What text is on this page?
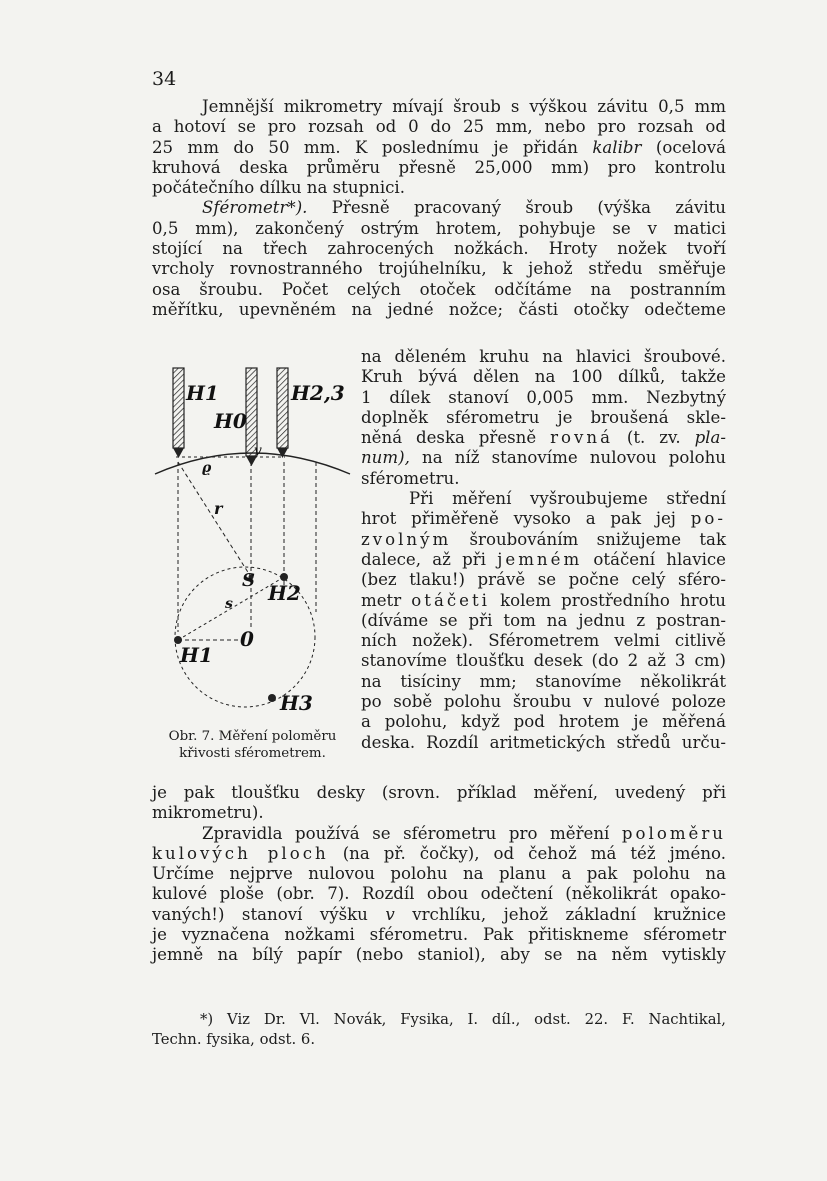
34
Jemnější mikrometry mívají šroub s výškou závitu 0,5 mm
a hotoví se pro rozsah od 0 do 25 mm, nebo pro rozsah od
25 mm do 50 mm. K poslednímu je přidán kalibr (ocelová
kruhová deska průměru přesně 25,000 mm) pro kontrolu
počátečního dílku na stupnici.
Sférometr*). Přesně pracovaný šroub (výška závitu
0,5 mm), zakončený ostrým hrotem, pohybuje se v matici
stojící na třech zahrocených nožkách. Hroty nožek tvoří
vrcholy rovnostranného trojúhelníku, k jehož středu směřuje
osa šroubu. Počet celých otoček odčítáme na postranním
měřítku, upevněném na jedné nožce; části otočky odečteme
na děleném kruhu na hlavici šroubové.
Kruh bývá dělen na 100 dílků, takže
1 dílek stanoví 0,005 mm. Nezbytný
doplněk sférometru je broušená skle-
něná deska přesně rovná (t. zv. pla-
num), na níž stanovíme nulovou polohu
sférometru.
Při měření vyšroubujeme střední
hrot přiměřeně vysoko a pak jej po-
zvolným šroubováním snižujeme tak
dalece, až při jemném otáčení hlavice
(bez tlaku!) právě se počne celý sféro-
metr otáčeti kolem prostředního hrotu
(díváme se při tom na jednu z postran-
ních nožek). Sférometrem velmi citlivě
stanovíme tloušťku desek (do 2 až 3 cm)
na tisíciny mm; stanovíme několikrát
po sobě polohu šroubu v nulové poloze
a polohu, když pod hrotem je měřená
deska. Rozdíl aritmetických středů urču-
H1	H2,3
H0
v
ϱ
r
S
H2
s
H1
0
H3
Obr. 7. Měření poloměru
křivosti sférometrem.
je pak tloušťku desky (srovn. příklad měření, uvedený při
mikrometru).
Zpravidla používá se sférometru pro měření poloměru
kulových ploch (na př. čočky), od čehož má též jméno.
Určíme nejprve nulovou polohu na planu a pak polohu na
kulové ploše (obr. 7). Rozdíl obou odečtení (několikrát opako-
vaných!) stanoví výšku v vrchlíku, jehož základní kružnice
je vyznačena nožkami sférometru. Pak přitiskneme sférometr
jemně na bílý papír (nebo staniol), aby se na něm vytiskly
*) Viz Dr. Vl. Novák, Fysika, I. díl., odst. 22. F. Nachtikal,
Techn. fysika, odst. 6.
